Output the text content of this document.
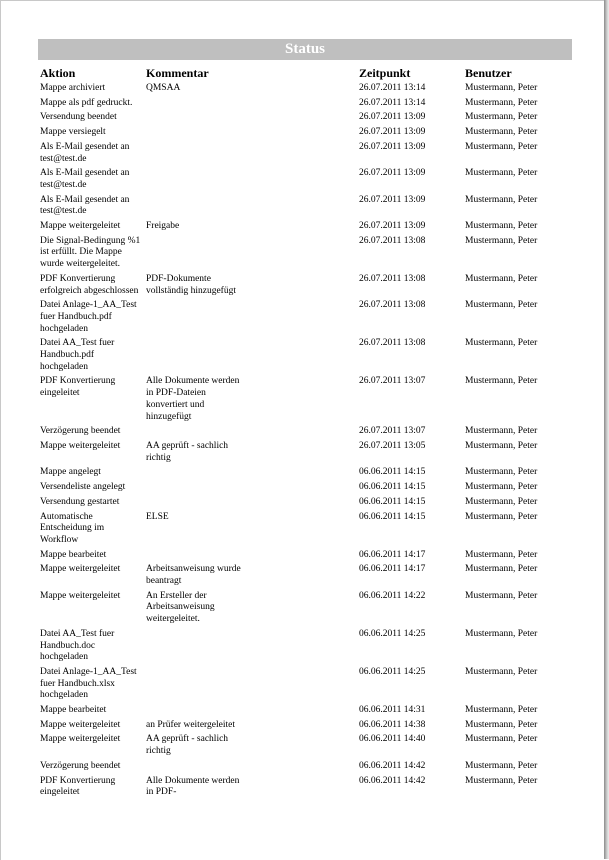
Status
Aktion	Kommentar	Zeitpunkt	Benutzer

Mappe archiviert	QMSAA	26.07.2011 13:14	Mustermann, Peter

Mappe als pdf gedruckt.		26.07.2011 13:14	Mustermann, Peter

Versendung beendet		26.07.2011 13:09	Mustermann, Peter

Mappe versiegelt		26.07.2011 13:09	Mustermann, Peter

Als E-Mail gesendet an test@test.de		26.07.2011 13:09	Mustermann, Peter

Als E-Mail gesendet an test@test.de		26.07.2011 13:09	Mustermann, Peter

Als E-Mail gesendet an test@test.de		26.07.2011 13:09	Mustermann, Peter

Mappe weitergeleitet	Freigabe	26.07.2011 13:09	Mustermann, Peter

Die Signal-Bedingung %1 ist erfüllt. Die Mappe wurde weitergeleitet.		26.07.2011 13:08	Mustermann, Peter

PDF Konvertierung erfolgreich abgeschlossen	PDF-Dokumente vollständig hinzugefügt	26.07.2011 13:08	Mustermann, Peter

Datei Anlage-1_AA_Test fuer Handbuch.pdf hochgeladen		26.07.2011 13:08	Mustermann, Peter

Datei AA_Test fuer Handbuch.pdf hochgeladen		26.07.2011 13:08	Mustermann, Peter

PDF Konvertierung eingeleitet	Alle Dokumente werden in PDF-Dateien konvertiert und hinzugefügt	26.07.2011 13:07	Mustermann, Peter

Verzögerung beendet		26.07.2011 13:07	Mustermann, Peter

Mappe weitergeleitet	AA geprüft - sachlich richtig	26.07.2011 13:05	Mustermann, Peter

Mappe angelegt		06.06.2011 14:15	Mustermann, Peter

Versendeliste angelegt		06.06.2011 14:15	Mustermann, Peter

Versendung gestartet		06.06.2011 14:15	Mustermann, Peter

Automatische Entscheidung im Workflow	ELSE	06.06.2011 14:15	Mustermann, Peter

Mappe bearbeitet		06.06.2011 14:17	Mustermann, Peter

Mappe weitergeleitet	Arbeitsanweisung wurde beantragt	06.06.2011 14:17	Mustermann, Peter

Mappe weitergeleitet	An Ersteller der Arbeitsanweisung weitergeleitet.	06.06.2011 14:22	Mustermann, Peter

Datei AA_Test fuer Handbuch.doc hochgeladen		06.06.2011 14:25	Mustermann, Peter

Datei Anlage-1_AA_Test fuer Handbuch.xlsx hochgeladen		06.06.2011 14:25	Mustermann, Peter

Mappe bearbeitet		06.06.2011 14:31	Mustermann, Peter

Mappe weitergeleitet	an Prüfer weitergeleitet	06.06.2011 14:38	Mustermann, Peter

Mappe weitergeleitet	AA geprüft - sachlich richtig	06.06.2011 14:40	Mustermann, Peter

Verzögerung beendet		06.06.2011 14:42	Mustermann, Peter

PDF Konvertierung eingeleitet	Alle Dokumente werden in PDF-	06.06.2011 14:42	Mustermann, Peter
